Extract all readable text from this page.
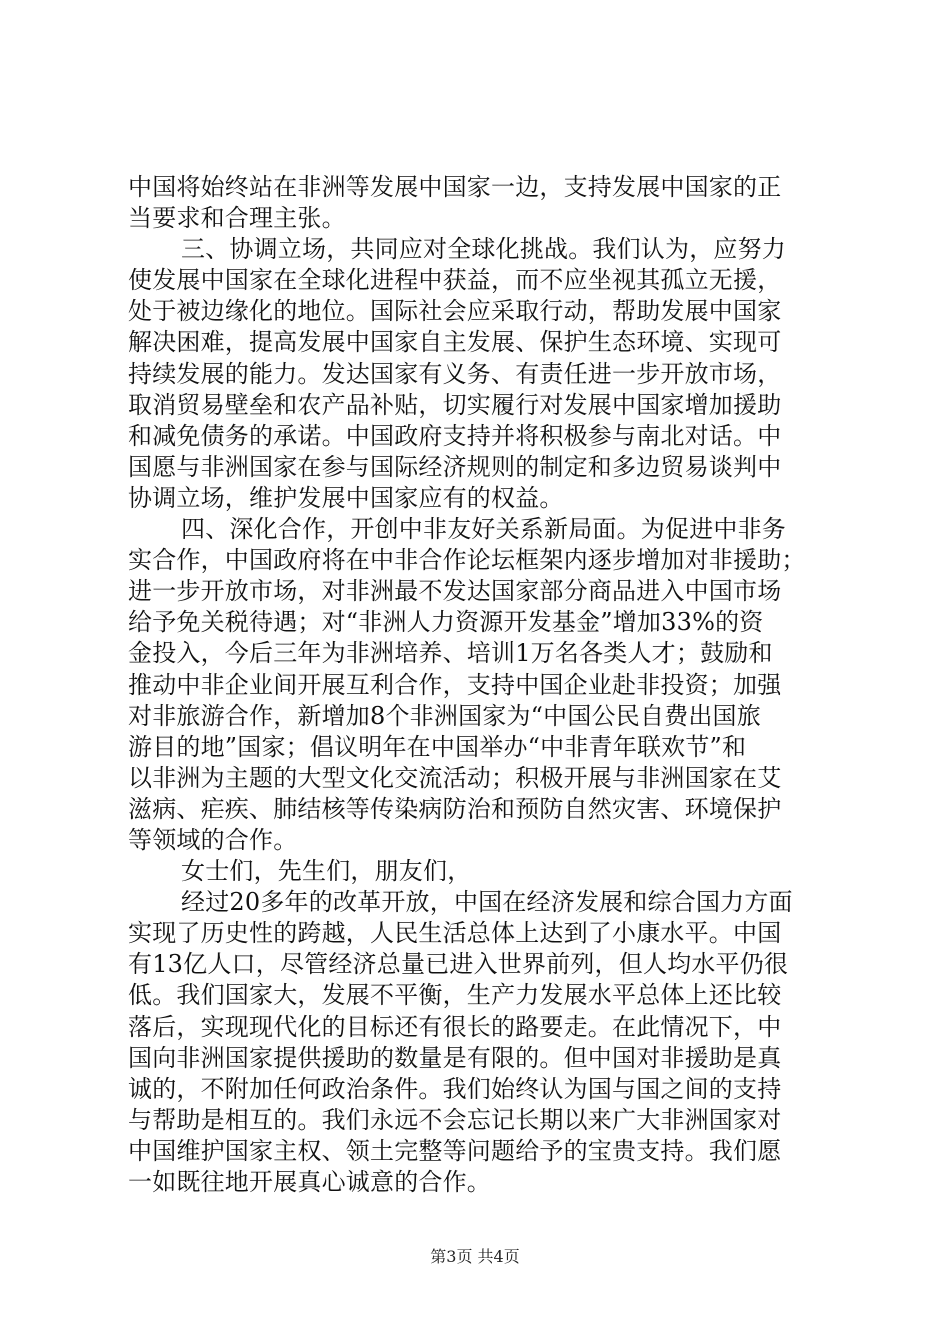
中国将始终站在非洲等发展中国家一边，支持发展中国家的正
当要求和合理主张。
三、协调立场，共同应对全球化挑战。我们认为，应努力
使发展中国家在全球化进程中获益，而不应坐视其孤立无援，
处于被边缘化的地位。国际社会应采取行动，帮助发展中国家
解决困难，提高发展中国家自主发展、保护生态环境、实现可
持续发展的能力。发达国家有义务、有责任进一步开放市场，
取消贸易壁垒和农产品补贴，切实履行对发展中国家增加援助
和减免债务的承诺。中国政府支持并将积极参与南北对话。中
国愿与非洲国家在参与国际经济规则的制定和多边贸易谈判中
协调立场，维护发展中国家应有的权益。
四、深化合作，开创中非友好关系新局面。为促进中非务
实合作，中国政府将在中非合作论坛框架内逐步增加对非援助；
进一步开放市场，对非洲最不发达国家部分商品进入中国市场
给予免关税待遇；对“非洲人力资源开发基金”增加33%的资
金投入，今后三年为非洲培养、培训1万名各类人才；鼓励和
推动中非企业间开展互利合作，支持中国企业赴非投资；加强
对非旅游合作，新增加8个非洲国家为“中国公民自费出国旅
游目的地”国家；倡议明年在中国举办“中非青年联欢节”和
以非洲为主题的大型文化交流活动；积极开展与非洲国家在艾
滋病、疟疾、肺结核等传染病防治和预防自然灾害、环境保护
等领域的合作。
女士们，先生们，朋友们，
经过20多年的改革开放，中国在经济发展和综合国力方面
实现了历史性的跨越，人民生活总体上达到了小康水平。中国
有13亿人口，尽管经济总量已进入世界前列，但人均水平仍很
低。我们国家大，发展不平衡，生产力发展水平总体上还比较
落后，实现现代化的目标还有很长的路要走。在此情况下，中
国向非洲国家提供援助的数量是有限的。但中国对非援助是真
诚的，不附加任何政治条件。我们始终认为国与国之间的支持
与帮助是相互的。我们永远不会忘记长期以来广大非洲国家对
中国维护国家主权、领土完整等问题给予的宝贵支持。我们愿
一如既往地开展真心诚意的合作。
第3页 共4页
